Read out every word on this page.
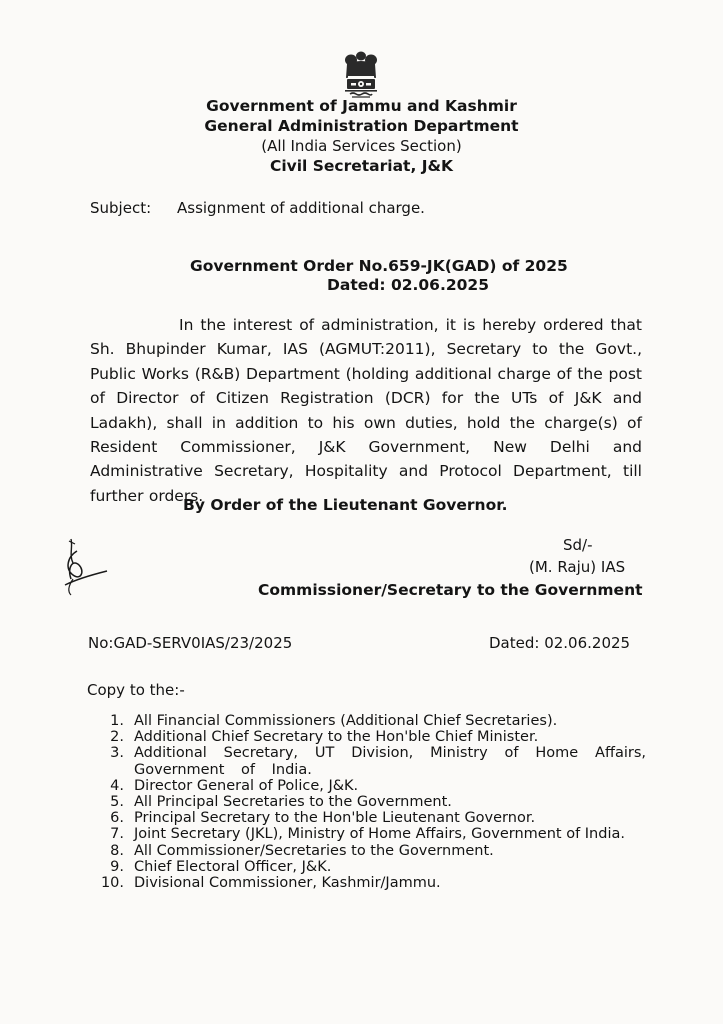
Government of Jammu and Kashmir
General Administration Department
(All India Services Section)
Civil Secretariat, J&K
Subject: Assignment of additional charge.
Government Order No.659-JK(GAD) of 2025
Dated: 02.06.2025
In the interest of administration, it is hereby ordered that Sh. Bhupinder Kumar, IAS (AGMUT:2011), Secretary to the Govt., Public Works (R&B) Department (holding additional charge of the post of Director of Citizen Registration (DCR) for the UTs of J&K and Ladakh), shall in addition to his own duties, hold the charge(s) of Resident Commissioner, J&K Government, New Delhi and Administrative Secretary, Hospitality and Protocol Department, till further orders.
By Order of the Lieutenant Governor.
Sd/-
(M. Raju) IAS
Commissioner/Secretary to the Government
No:GAD-SERV0IAS/23/2025	Dated: 02.06.2025
Copy to the:-
1. All Financial Commissioners (Additional Chief Secretaries).
2. Additional Chief Secretary to the Hon'ble Chief Minister.
3. Additional Secretary, UT Division, Ministry of Home Affairs, Government of India.
4. Director General of Police, J&K.
5. All Principal Secretaries to the Government.
6. Principal Secretary to the Hon'ble Lieutenant Governor.
7. Joint Secretary (JKL), Ministry of Home Affairs, Government of India.
8. All Commissioner/Secretaries to the Government.
9. Chief Electoral Officer, J&K.
10. Divisional Commissioner, Kashmir/Jammu.
